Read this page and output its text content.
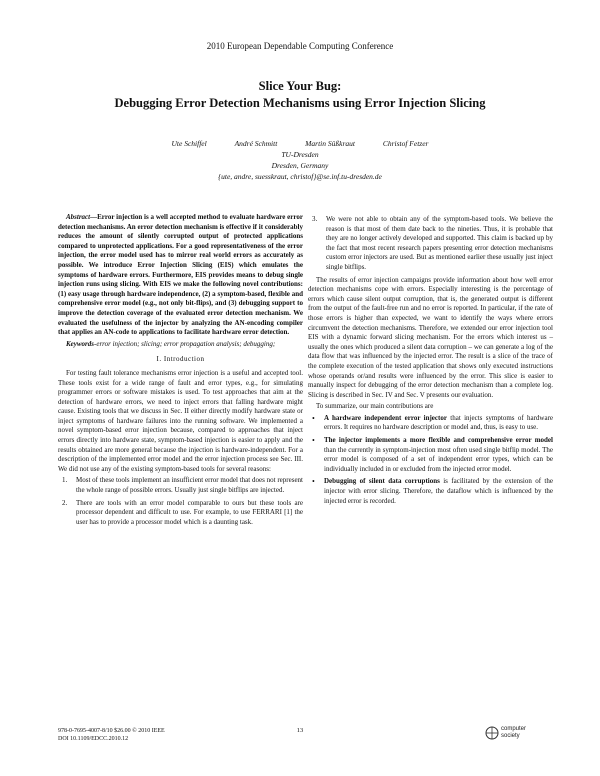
2010 European Dependable Computing Conference
Slice Your Bug:
Debugging Error Detection Mechanisms using Error Injection Slicing
Ute Schiffel	André Schmitt	Martin Süßkraut	Christof Fetzer
TU-Dresden
Dresden, Germany
{ute, andre, suesskraut, christof}@se.inf.tu-dresden.de

Abstract—Error injection is a well accepted method to evaluate hardware error detection mechanisms. An error detection mechanism is effective if it considerably reduces the amount of silently corrupted output of protected applications compared to unprotected applications. For a good representativeness of the error injection, the error model used has to mirror real world errors as accurately as possible. We introduce Error Injection Slicing (EIS) which emulates the symptoms of hardware errors. Furthermore, EIS provides means to debug single injection runs using slicing. With EIS we make the following novel contributions: (1) easy usage through hardware independence, (2) a symptom-based, flexible and comprehensive error model (e.g., not only bit-flips), and (3) debugging support to improve the detection coverage of the evaluated error detection mechanism. We evaluated the usefulness of the injector by analyzing the AN-encoding compiler that applies an AN-code to applications to facilitate hardware error detection.

Keywords-error injection; slicing; error propagation analysis; debugging;

I. Introduction

For testing fault tolerance mechanisms error injection is a useful and accepted tool. These tools exist for a wide range of fault and error types, e.g., for simulating programmer errors or software mistakes is used. To test approaches that aim at the detection of hardware errors, we need to inject errors that falling hardware might cause. Existing tools that we discuss in Sec. II either directly modify hardware state or inject symptoms of hardware failures into the running software. We implemented a novel symptom-based error injection because, compared to approaches that inject errors directly into hardware state, symptom-based injection is easier to apply and the results obtained are more general because the injection is hardware-independent. For a description of the implemented error model and the error injection process see Sec. III. We did not use any of the existing symptom-based tools for several reasons:

1. Most of these tools implement an insufficient error model that does not represent the whole range of possible errors. Usually just single bitflips are injected.
2. There are tools with an error model comparable to ours but these tools are processor dependent and difficult to use. For example, to use FERRARI [1] the user has to provide a processor model which is a daunting task.
3. We were not able to obtain any of the symptom-based tools. We believe the reason is that most of them date back to the nineties. Thus, it is probable that they are no longer actively developed and supported. This claim is backed up by the fact that most recent research papers presenting error detection mechanisms custom error injectors are used. But as mentioned earlier these usually just inject single bitflips.

The results of error injection campaigns provide information about how well error detection mechanisms cope with errors. Especially interesting is the percentage of errors which cause silent output corruption, that is, the generated output is different from the output of the fault-free run and no error is reported. In particular, if the rate of those errors is higher than expected, we want to identify the ways where errors circumvent the detection mechanisms. Therefore, we extended our error injection tool EIS with a dynamic forward slicing mechanism. For the errors which interest us – usually the ones which produced a silent data corruption – we can generate a log of the data flow that was influenced by the injected error. The result is a slice of the trace of the complete execution of the tested application that shows only executed instructions whose operands or/and results were influenced by the error. This slice is easier to manually inspect for debugging of the error detection mechanism than a complete log. Slicing is described in Sec. IV and Sec. V presents our evaluation.

To summarize, our main contributions are

• A hardware independent error injector that injects symptoms of hardware errors. It requires no hardware description or model and, thus, is easy to use.
• The injector implements a more flexible and comprehensive error model than the currently in symptom-injection most often used single bitflip model. The error model is composed of a set of independent error types, which can be individually included in or excluded from the injected error model.
• Debugging of silent data corruptions is facilitated by the extension of the injector with error slicing. Therefore, the dataflow which is influenced by the injected error is recorded.
978-0-7695-4007-8/10 $26.00 © 2010 IEEE
DOI 10.1109/EDCC.2010.12
13	computer
society
